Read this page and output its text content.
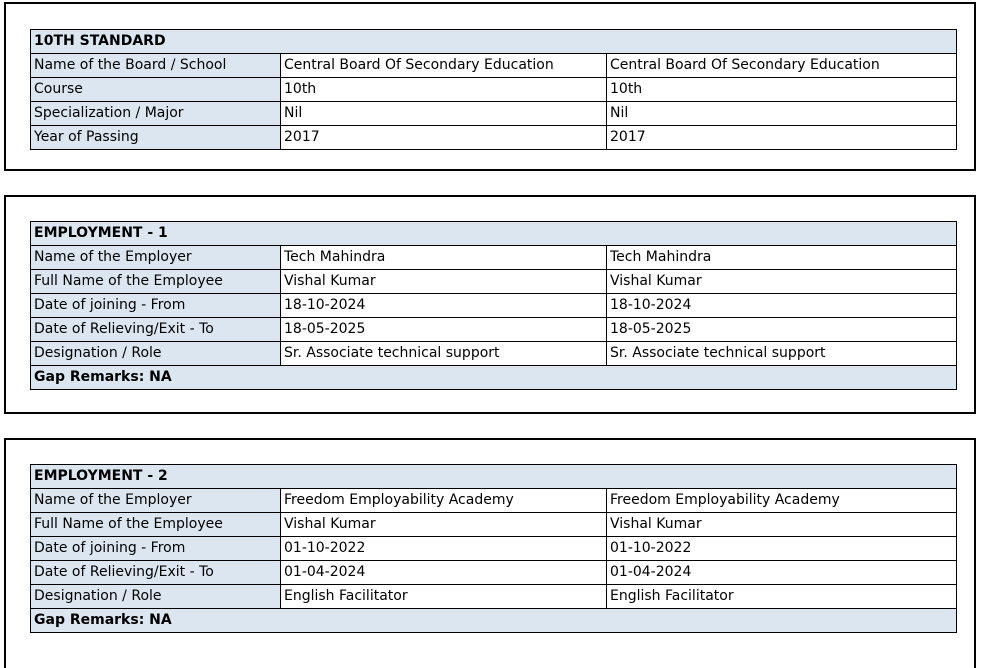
10TH STANDARD		
Name of the Board / School	Central Board Of Secondary Education	Central Board Of Secondary Education
Course	10th	10th
Specialization / Major	Nil	Nil
Year of Passing	2017	2017
EMPLOYMENT - 1		
Name of the Employer	Tech Mahindra	Tech Mahindra
Full Name of the Employee	Vishal Kumar	Vishal Kumar
Date of joining - From	18-10-2024	18-10-2024
Date of Relieving/Exit - To	18-05-2025	18-05-2025
Designation / Role	Sr. Associate technical support	Sr. Associate technical support
Gap Remarks: NA		
EMPLOYMENT - 2		
Name of the Employer	Freedom Employability Academy	Freedom Employability Academy
Full Name of the Employee	Vishal Kumar	Vishal Kumar
Date of joining - From	01-10-2022	01-10-2022
Date of Relieving/Exit - To	01-04-2024	01-04-2024
Designation / Role	English Facilitator	English Facilitator
Gap Remarks: NA		
